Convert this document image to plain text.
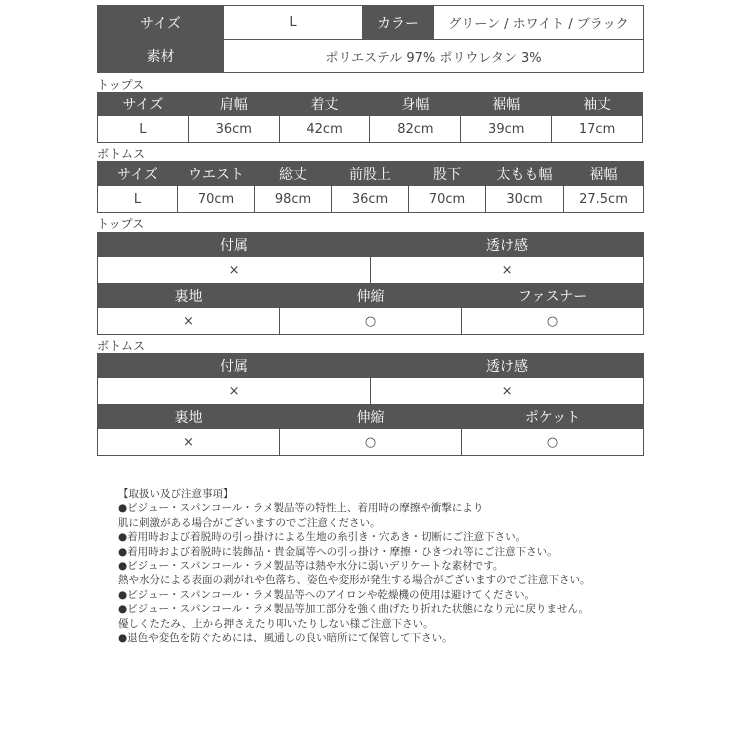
サイズ	L	カラー	グリーン / ホワイト / ブラック
素材	ポリエステル 97% ポリウレタン 3%		
トップス
サイズ	肩幅	着丈	身幅	裾幅	袖丈
L	36cm	42cm	82cm	39cm	17cm
ボトムス
サイズ	ウエスト	総丈	前股上	股下	太もも幅	裾幅
L	70cm	98cm	36cm	70cm	30cm	27.5cm
トップス
付属		透け感	
×		×	
裏地	伸縮		ファスナー
×	○		○
ボトムス
付属		透け感	
×		×	
裏地	伸縮		ポケット
×	○		○
【取扱い及び注意事項】
●ビジュー・スパンコール・ラメ製品等の特性上、着用時の摩擦や衝撃により
肌に刺激がある場合がございますのでご注意ください。
●着用時および着脱時の引っ掛けによる生地の糸引き・穴あき・切断にご注意下さい。
●着用時および着脱時に装飾品・貴金属等への引っ掛け・摩擦・ひきつれ等にご注意下さい。
●ビジュー・スパンコール・ラメ製品等は熱や水分に弱いデリケートな素材です。
熱や水分による表面の剥がれや色落ち、姿色や変形が発生する場合がございますのでご注意下さい。
●ビジュー・スパンコール・ラメ製品等へのアイロンや乾燥機の使用は避けてください。
●ビジュー・スパンコール・ラメ製品等加工部分を強く曲げたり折れた状態になり元に戻りません。
優しくたたみ、上から押さえたり叩いたりしない様ご注意下さい。
●退色や変色を防ぐためには、風通しの良い暗所にて保管して下さい。
